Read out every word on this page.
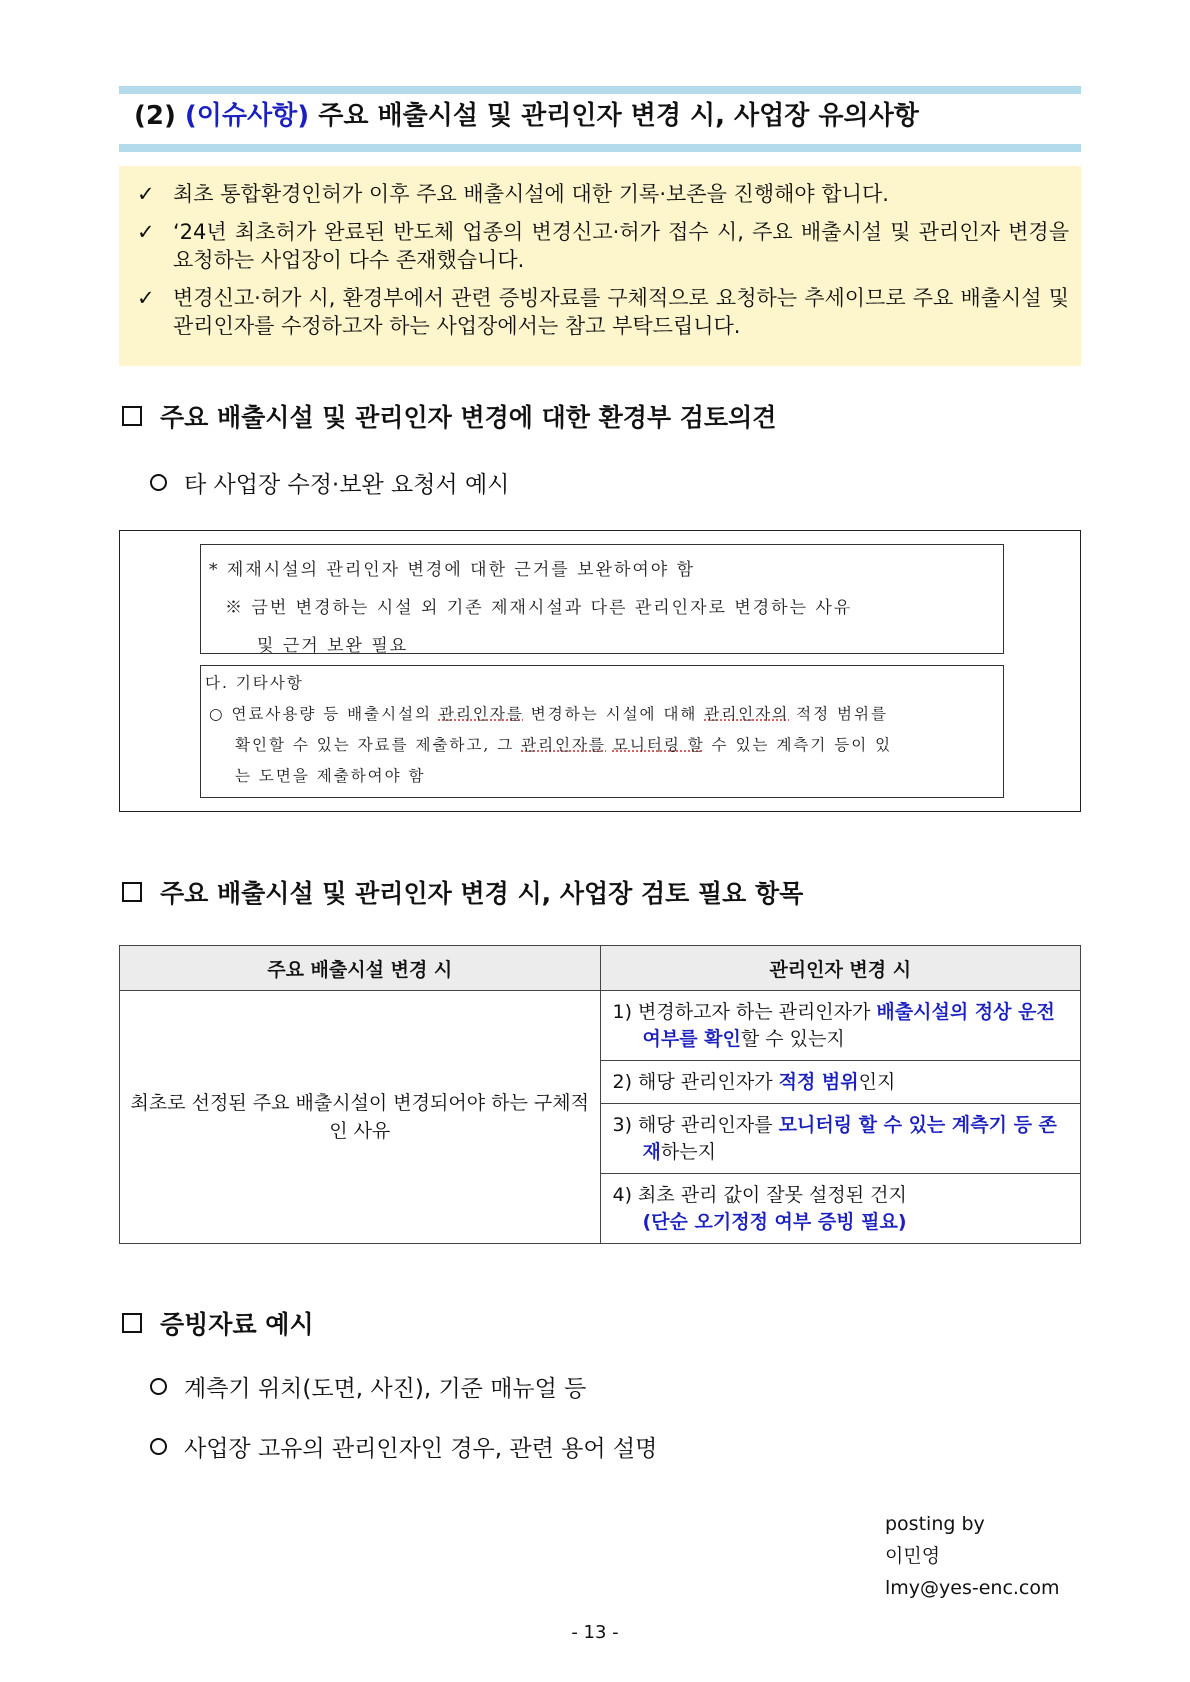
(2) (이슈사항) 주요 배출시설 및 관리인자 변경 시, 사업장 유의사항
✓ 최초 통합환경인허가 이후 주요 배출시설에 대한 기록·보존을 진행해야 합니다.
✓ ‘24년 최초허가 완료된 반도체 업종의 변경신고·허가 접수 시, 주요 배출시설 및 관리인자 변경을 요청하는 사업장이 다수 존재했습니다.
✓ 변경신고·허가 시, 환경부에서 관련 증빙자료를 구체적으로 요청하는 추세이므로 주요 배출시설 및 관리인자를 수정하고자 하는 사업장에서는 참고 부탁드립니다.
주요 배출시설 및 관리인자 변경에 대한 환경부 검토의견
타 사업장 수정·보완 요청서 예시
* 제재시설의 관리인자 변경에 대한 근거를 보완하여야 함
※ 금번 변경하는 시설 외 기존 제재시설과 다른 관리인자로 변경하는 사유
및 근거 보완 필요
다. 기타사항
○ 연료사용량 등 배출시설의 관리인자를 변경하는 시설에 대해 관리인자의 적정 범위를
확인할 수 있는 자료를 제출하고, 그 관리인자를 모니터링 할 수 있는 계측기 등이 있
는 도면을 제출하여야 함
주요 배출시설 및 관리인자 변경 시, 사업장 검토 필요 항목
주요 배출시설 변경 시	관리인자 변경 시
최초로 선정된 주요 배출시설이 변경되어야 하는 구체적인 사유	1) 변경하고자 하는 관리인자가 배출시설의 정상 운전 여부를 확인할 수 있는지

	2) 해당 관리인자가 적정 범위인지

	3) 해당 관리인자를 모니터링 할 수 있는 계측기 등 존재하는지

	4) 최초 관리 값이 잘못 설정된 건지
(단순 오기정정 여부 증빙 필요)
증빙자료 예시
계측기 위치(도면, 사진), 기준 매뉴얼 등
사업장 고유의 관리인자인 경우, 관련 용어 설명
posting by
이민영
lmy@yes-enc.com
- 13 -
